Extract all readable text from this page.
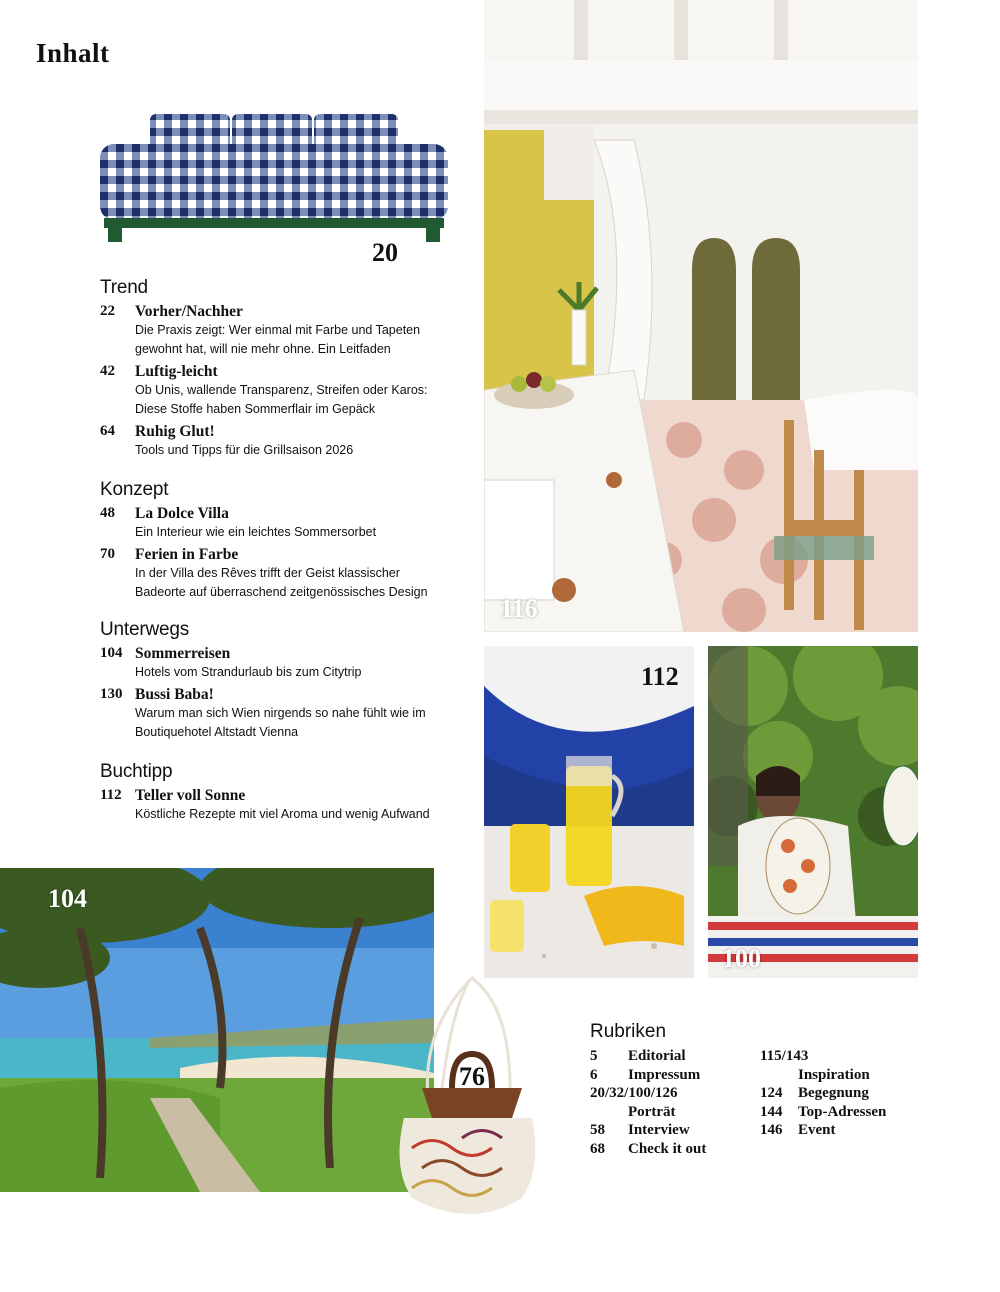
Inhalt
20
Trend
22	Vorher/Nachher
Die Praxis zeigt: Wer einmal mit Farbe und Tapeten gewohnt hat, will nie mehr ohne. Ein Leitfaden
42	Luftig-leicht
Ob Unis, wallende Transparenz, Streifen oder Karos: Diese Stoffe haben Sommerflair im Gepäck
64	Ruhig Glut!
Tools und Tipps für die Grillsaison 2026
Konzept
48	La Dolce Villa
Ein Interieur wie ein leichtes Sommersorbet
70	Ferien in Farbe
In der Villa des Rêves trifft der Geist klassischer Badeorte auf überraschend zeitgenössisches Design
Unterwegs
104 Sommerreisen
Hotels vom Strandurlaub bis zum Citytrip
130 Bussi Baba!
Warum man sich Wien nirgends so nahe fühlt wie im Boutiquehotel Altstadt Vienna
Buchtipp
112 Teller voll Sonne
Köstliche Rezepte mit viel Aroma und wenig Aufwand
116
112
100
104
76
Rubriken
5	Editorial
6	Impressum
20/32/100/126
Porträt
58	Interview
68	Check it out
115/143
Inspiration
124	Begegnung
144	Top-Adressen
146	Event
